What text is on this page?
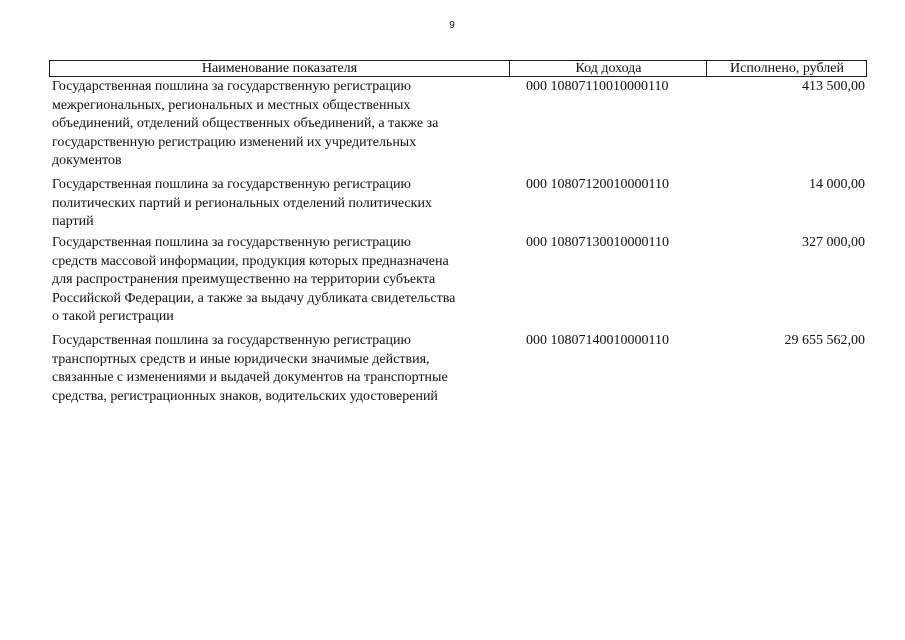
9
Наименование показателя	Код дохода	Исполнено, рублей
Государственная пошлина за государственную регистрацию
межрегиональных, региональных и местных общественных
объединений, отделений общественных объединений, а также за
государственную регистрацию изменений их учредительных
документов
000 10807110010000110	413 500,00
Государственная пошлина за государственную регистрацию
политических партий и региональных отделений политических
партий
000 10807120010000110	14 000,00
Государственная пошлина за государственную регистрацию
средств массовой информации, продукция которых предназначена
для распространения преимущественно на территории субъекта
Российской Федерации, а также за выдачу дубликата свидетельства
о такой регистрации
000 10807130010000110	327 000,00
Государственная пошлина за государственную регистрацию
транспортных средств и иные юридически значимые действия,
связанные с изменениями и выдачей документов на транспортные
средства, регистрационных знаков, водительских удостоверений
000 10807140010000110	29 655 562,00
